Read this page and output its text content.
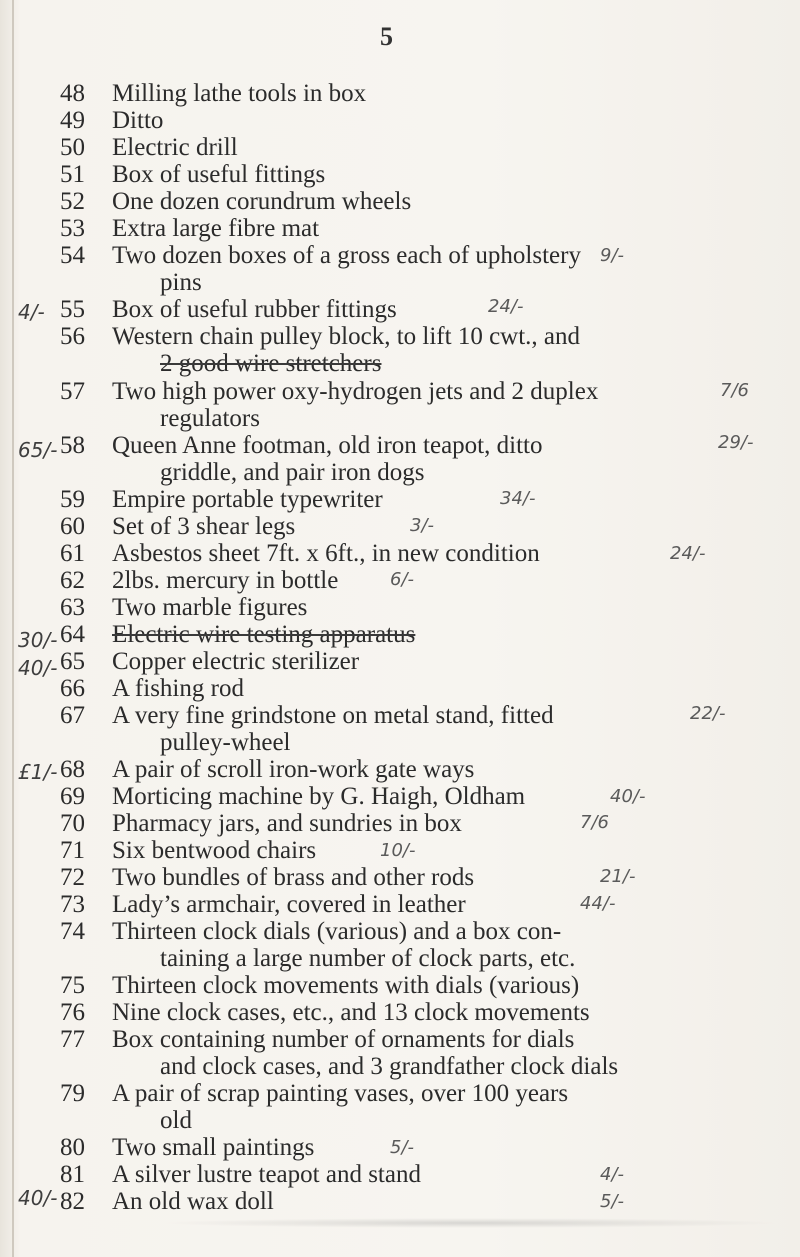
5
48 Milling lathe tools in box
49 Ditto
50 Electric drill
51 Box of useful fittings
52 One dozen corundrum wheels
53 Extra large fibre mat
54 Two dozen boxes of a gross each of upholstery
pins
55 Box of useful rubber fittings
56 Western chain pulley block, to lift 10 cwt., and
2 good wire stretchers
57 Two high power oxy-hydrogen jets and 2 duplex
regulators
58 Queen Anne footman, old iron teapot, ditto
griddle, and pair iron dogs
59 Empire portable typewriter
60 Set of 3 shear legs
61 Asbestos sheet 7ft. x 6ft., in new condition
62 2lbs. mercury in bottle
63 Two marble figures
64 Electric wire testing apparatus
65 Copper electric sterilizer
66 A fishing rod
67 A very fine grindstone on metal stand, fitted
pulley-wheel
68 A pair of scroll iron-work gate ways
69 Morticing machine by G. Haigh, Oldham
70 Pharmacy jars, and sundries in box
71 Six bentwood chairs
72 Two bundles of brass and other rods
73 Lady’s armchair, covered in leather
74 Thirteen clock dials (various) and a box con-
taining a large number of clock parts, etc.
75 Thirteen clock movements with dials (various)
76 Nine clock cases, etc., and 13 clock movements
77 Box containing number of ornaments for dials
and clock cases, and 3 grandfather clock dials
79 A pair of scrap painting vases, over 100 years
old
80 Two small paintings
81 A silver lustre teapot and stand
82 An old wax doll
4/-
65/-
30/-
40/-
£1/-
40/-
9/-
24/-
7/6
29/-
34/-
3/-
24/-
6/-
22/-
40/-
7/6
10/-
21/-
44/-
5/-
4/-
5/-
